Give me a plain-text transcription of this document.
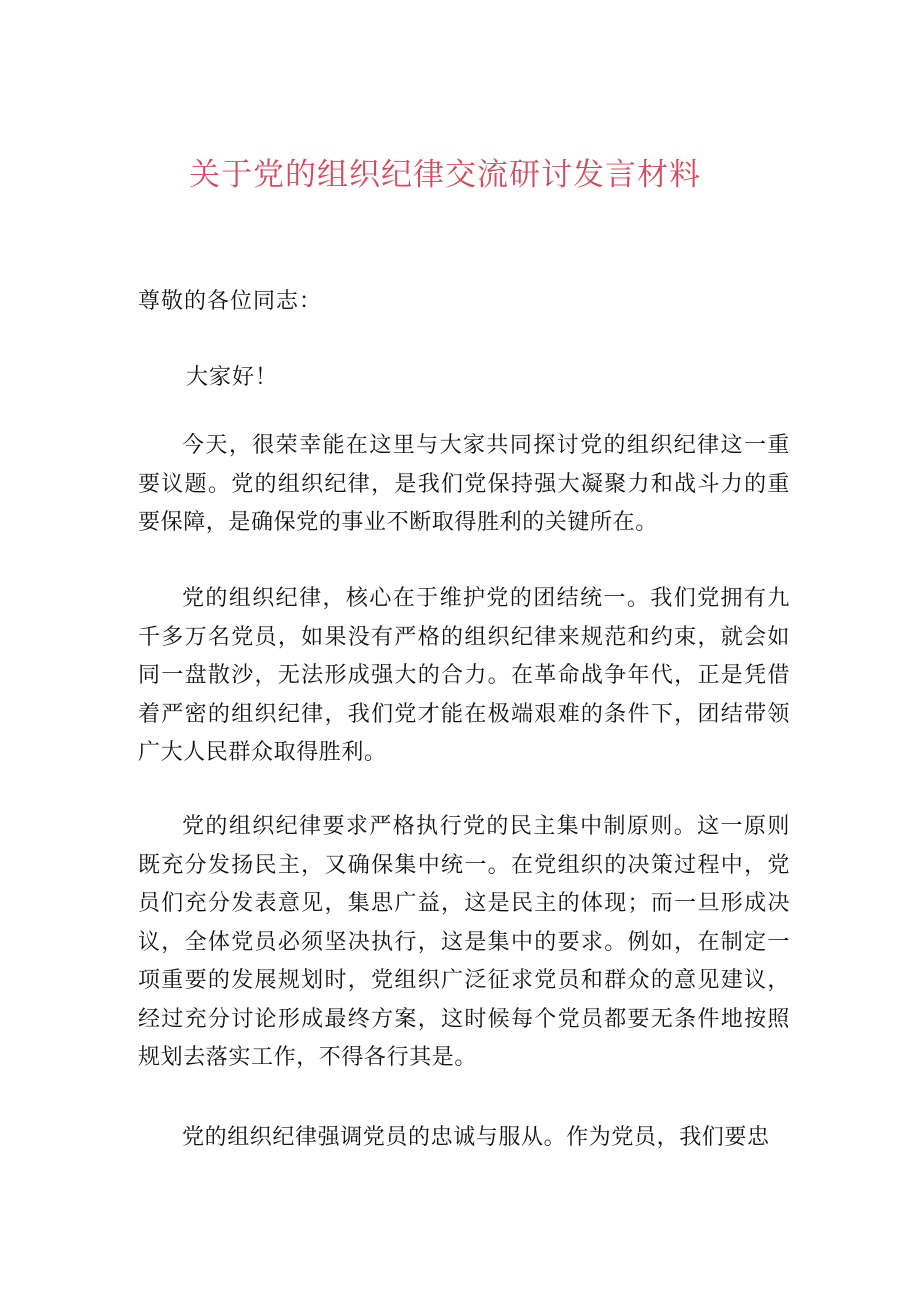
关于党的组织纪律交流研讨发言材料
尊敬的各位同志：
大家好！

今天，很荣幸能在这里与大家共同探讨党的组织纪律这一重要议题。党的组织纪律，是我们党保持强大凝聚力和战斗力的重要保障，是确保党的事业不断取得胜利的关键所在。

党的组织纪律，核心在于维护党的团结统一。我们党拥有九千多万名党员，如果没有严格的组织纪律来规范和约束，就会如同一盘散沙，无法形成强大的合力。在革命战争年代，正是凭借着严密的组织纪律，我们党才能在极端艰难的条件下，团结带领广大人民群众取得胜利。

党的组织纪律要求严格执行党的民主集中制原则。这一原则既充分发扬民主，又确保集中统一。在党组织的决策过程中，党员们充分发表意见，集思广益，这是民主的体现；而一旦形成决议，全体党员必须坚决执行，这是集中的要求。例如，在制定一项重要的发展规划时，党组织广泛征求党员和群众的意见建议，经过充分讨论形成最终方案，这时候每个党员都要无条件地按照规划去落实工作，不得各行其是。

党的组织纪律强调党员的忠诚与服从。作为党员，我们要忠
